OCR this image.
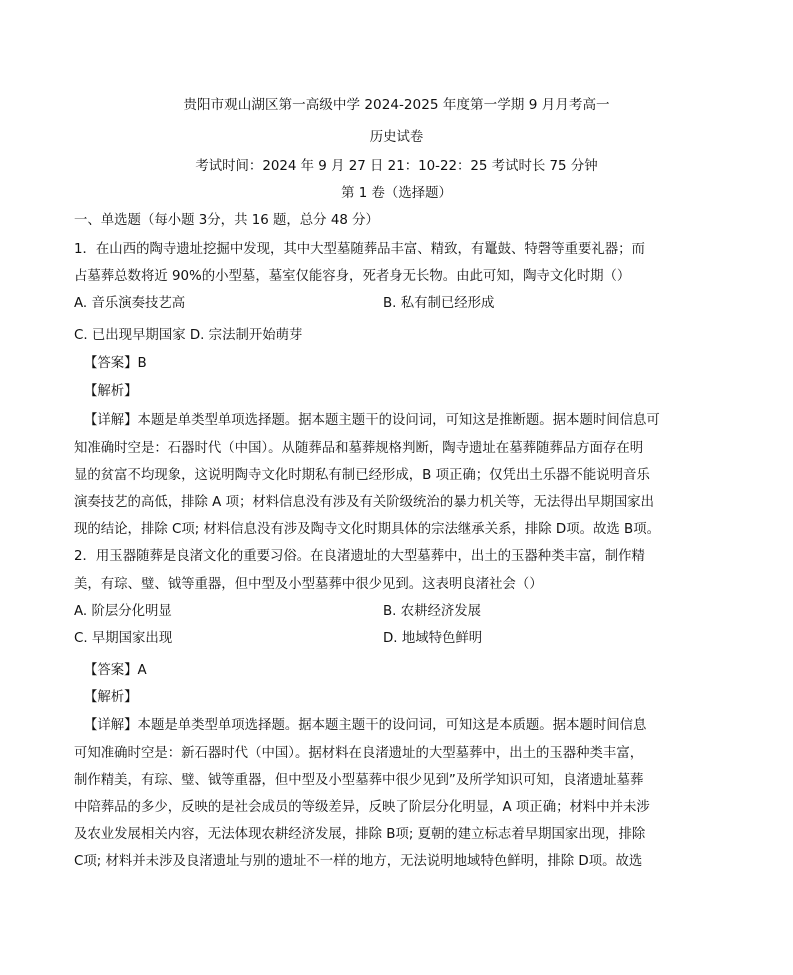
贵阳市观山湖区第一高级中学 2024-2025 年度第一学期 9 月月考高一
历史试卷
考试时间：2024 年 9 月 27 日 21：10-22：25 考试时长 75 分钟
第 1 卷（选择题）
一、单选题（每小题 3分，共 16 题，总分 48 分）
1．在山西的陶寺遗址挖掘中发现，其中大型墓随葬品丰富、精致，有鼍鼓、特磬等重要礼器；而
占墓葬总数将近 90%的小型墓，墓室仅能容身，死者身无长物。由此可知，陶寺文化时期（）
A. 音乐演奏技艺高	B. 私有制已经形成
C. 已出现早期国家 D. 宗法制开始萌芽
【答案】B
【解析】
【详解】本题是单类型单项选择题。据本题主题干的设问词，可知这是推断题。据本题时间信息可
知准确时空是：石器时代（中国）。从随葬品和墓葬规格判断，陶寺遗址在墓葬随葬品方面存在明
显的贫富不均现象，这说明陶寺文化时期私有制已经形成，B 项正确；仅凭出土乐器不能说明音乐
演奏技艺的高低，排除 A 项；材料信息没有涉及有关阶级统治的暴力机关等，无法得出早期国家出
现的结论，排除 C项; 材料信息没有涉及陶寺文化时期具体的宗法继承关系，排除 D项。故选 B项。
2．用玉器随葬是良渚文化的重要习俗。在良渚遗址的大型墓葬中，出土的玉器种类丰富，制作精
美，有琮、璧、钺等重器，但中型及小型墓葬中很少见到。这表明良渚社会（）
A. 阶层分化明显	B. 农耕经济发展
C. 早期国家出现	D. 地域特色鲜明
【答案】A
【解析】
【详解】本题是单类型单项选择题。据本题主题干的设问词，可知这是本质题。据本题时间信息
可知准确时空是：新石器时代（中国）。据材料在良渚遗址的大型墓葬中，出土的玉器种类丰富，
制作精美，有琮、璧、钺等重器，但中型及小型墓葬中很少见到”及所学知识可知，良渚遗址墓葬
中陪葬品的多少，反映的是社会成员的等级差异，反映了阶层分化明显，A 项正确；材料中并未涉
及农业发展相关内容，无法体现农耕经济发展，排除 B项; 夏朝的建立标志着早期国家出现，排除
C项; 材料并未涉及良渚遗址与别的遗址不一样的地方，无法说明地域特色鲜明，排除 D项。故选
